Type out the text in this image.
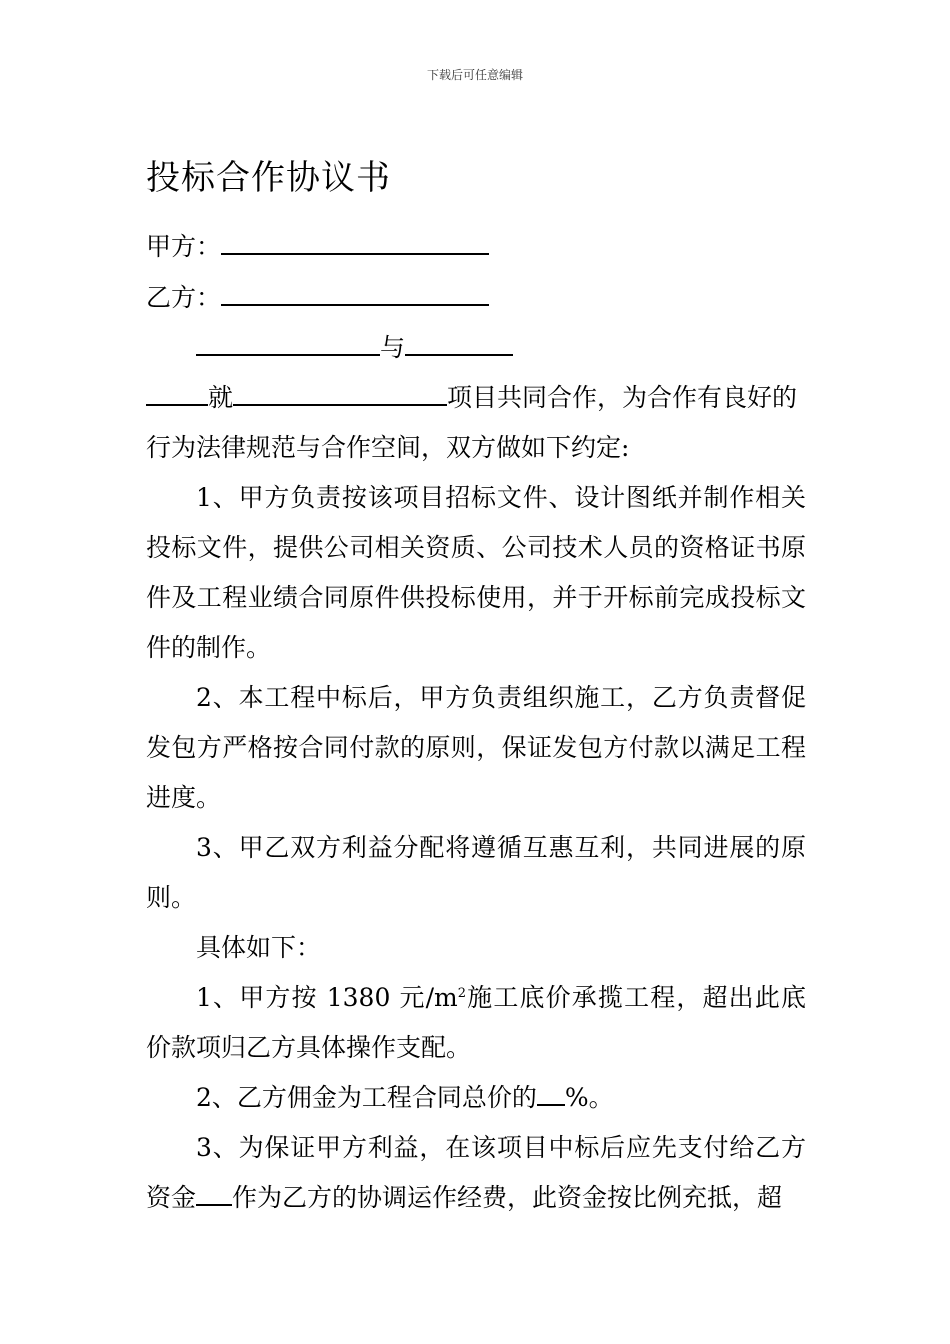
下载后可任意编辑
投标合作协议书
甲方：
乙方：
与
就	项目共同合作，为合作有良好的
行为法律规范与合作空间，双方做如下约定:

1、甲方负责按该项目招标文件、设计图纸并制作相关投标文件，提供公司相关资质、公司技术人员的资格证书原件及工程业绩合同原件供投标使用，并于开标前完成投标文件的制作。

2、本工程中标后，甲方负责组织施工，乙方负责督促发包方严格按合同付款的原则，保证发包方付款以满足工程进度。

3、甲乙双方利益分配将遵循互惠互利，共同进展的原则。

具体如下：

1、甲方按 1380 元$/m^2$施工底价承揽工程，超出此底价款项归乙方具体操作支配。

2、乙方佣金为工程合同总价的 %。

3、为保证甲方利益，在该项目中标后应先支付给乙方资金 作为乙方的协调运作经费，此资金按比例充抵，超
